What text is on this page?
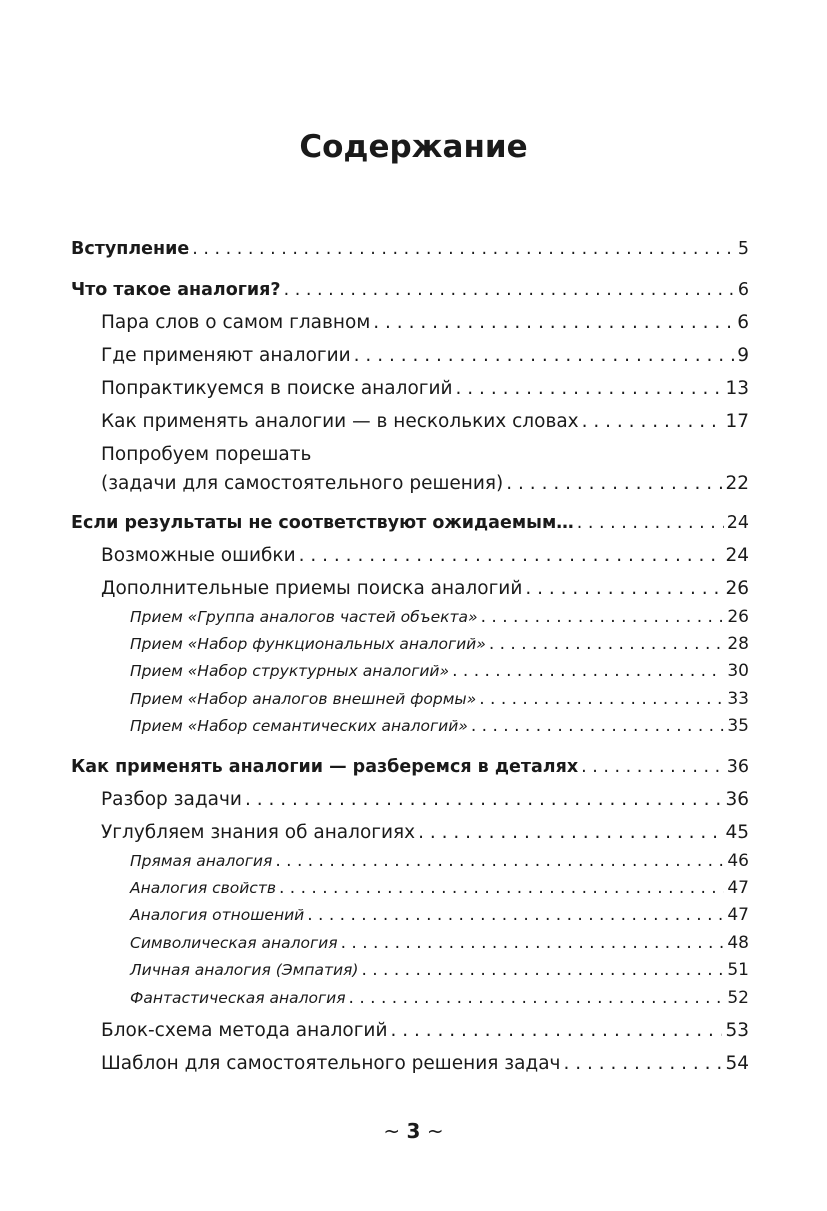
Содержание
Вступление . . .	5
Что такое аналогия? . . .	6
Пара слов о самом главном . . .	6
Где применяют аналогии . . .	9
Попрактикуемся в поиске аналогий . . .	13
Как применять аналогии — в нескольких словах . . .	17
Попробуем порешать
(задачи для самостоятельного решения) . . .	22
Если результаты не соответствуют ожидаемым… . . .	24
Возможные ошибки . . .	24
Дополнительные приемы поиска аналогий . . .	26
Прием «Группа аналогов частей объекта» . . .	26
Прием «Набор функциональных аналогий» . . .	28
Прием «Набор структурных аналогий» . . .	30
Прием «Набор аналогов внешней формы» . . .	33
Прием «Набор семантических аналогий» . . .	35
Как применять аналогии — разберемся в деталях . . .	36
Разбор задачи . . .	36
Углубляем знания об аналогиях . . .	45
Прямая аналогия . . .	46
Аналогия свойств . . .	47
Аналогия отношений . . .	47
Символическая аналогия . . .	48
Личная аналогия (Эмпатия) . . .	51
Фантастическая аналогия . . .	52
Блок-схема метода аналогий . . .	53
Шаблон для самостоятельного решения задач . . .	54
~ 3 ~
